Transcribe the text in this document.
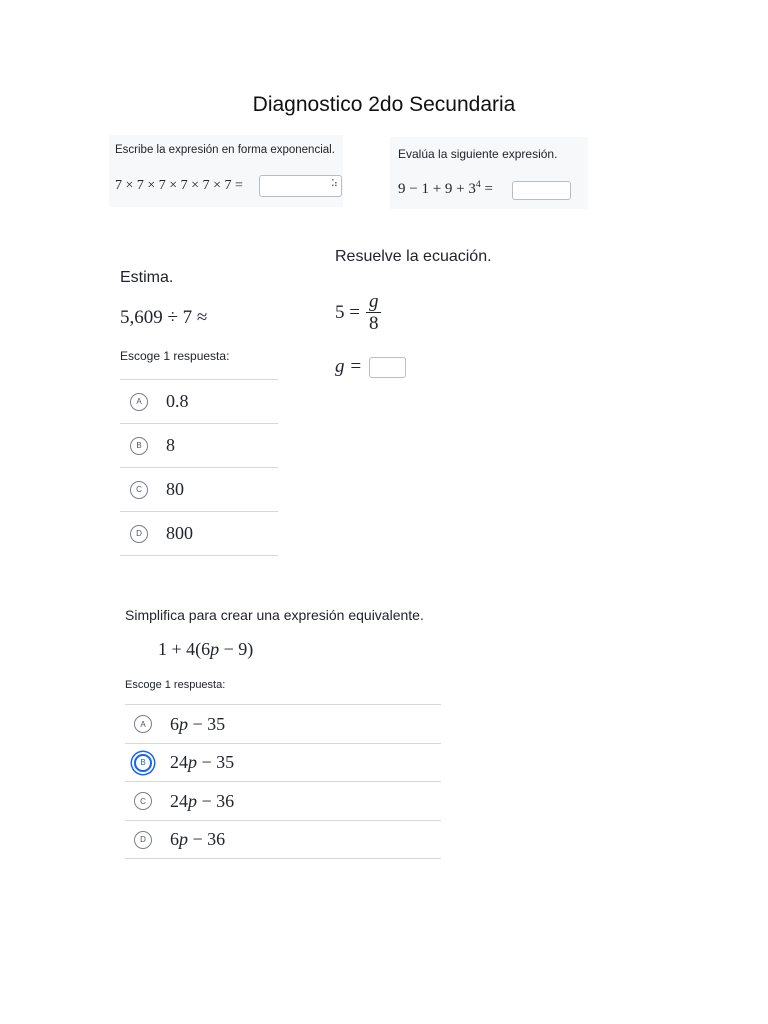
Diagnostico 2do Secundaria
Escribe la expresión en forma exponencial.
7 × 7 × 7 × 7 × 7 × 7 =	⠵
Evalúa la siguiente expresión.
$9 - 1 + 9 + 3^4$ =
Estima.
5,609 ÷ 7 ≈
Escoge 1 respuesta:
A	0.8
B	8
C	80
D	800
Resuelve la ecuación.
$5 = \frac{g}{8}$
g =
Simplifica para crear una expresión equivalente.
1 + 4(6p − 9)
Escoge 1 respuesta:
A	6p − 35
B	24p − 35
C	24p − 36
D	6p − 36
